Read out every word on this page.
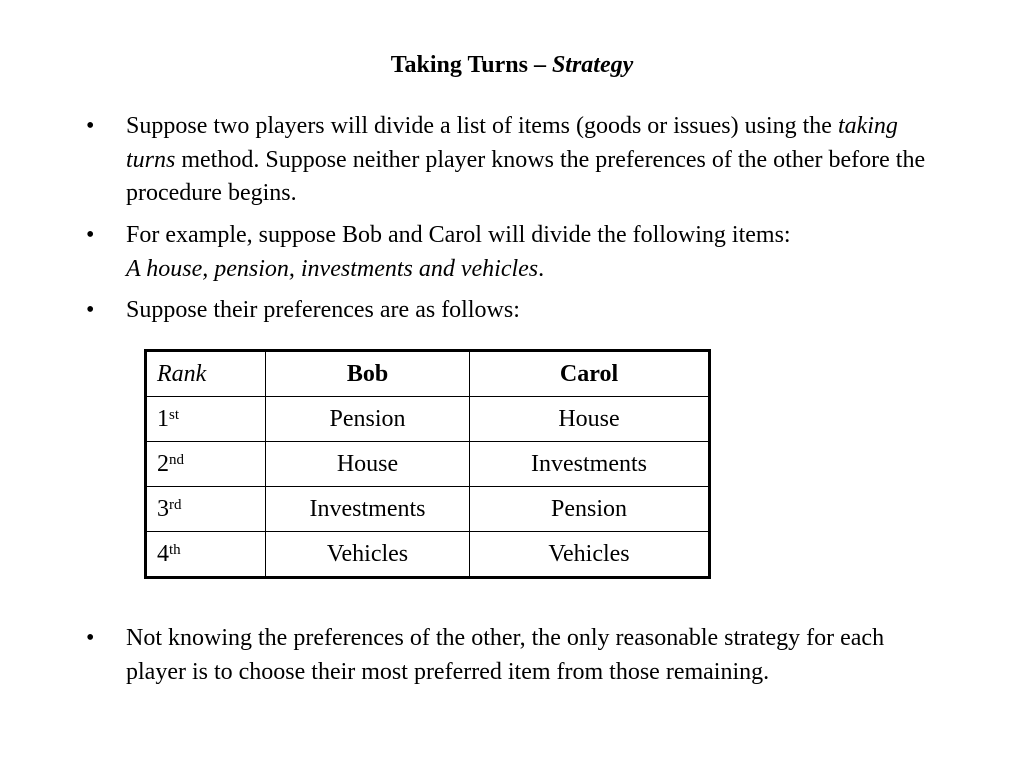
Taking Turns – Strategy
•	Suppose two players will divide a list of items (goods or issues) using the taking turns method. Suppose neither player knows the preferences of the other before the procedure begins.
•	For example, suppose Bob and Carol will divide the following items:
A house, pension, investments and vehicles.
•	Suppose their preferences are as follows:
Rank	Bob	Carol
1st	Pension	House
2nd	House	Investments
3rd	Investments	Pension
4th	Vehicles	Vehicles
•	Not knowing the preferences of the other, the only reasonable strategy for each player is to choose their most preferred item from those remaining.
